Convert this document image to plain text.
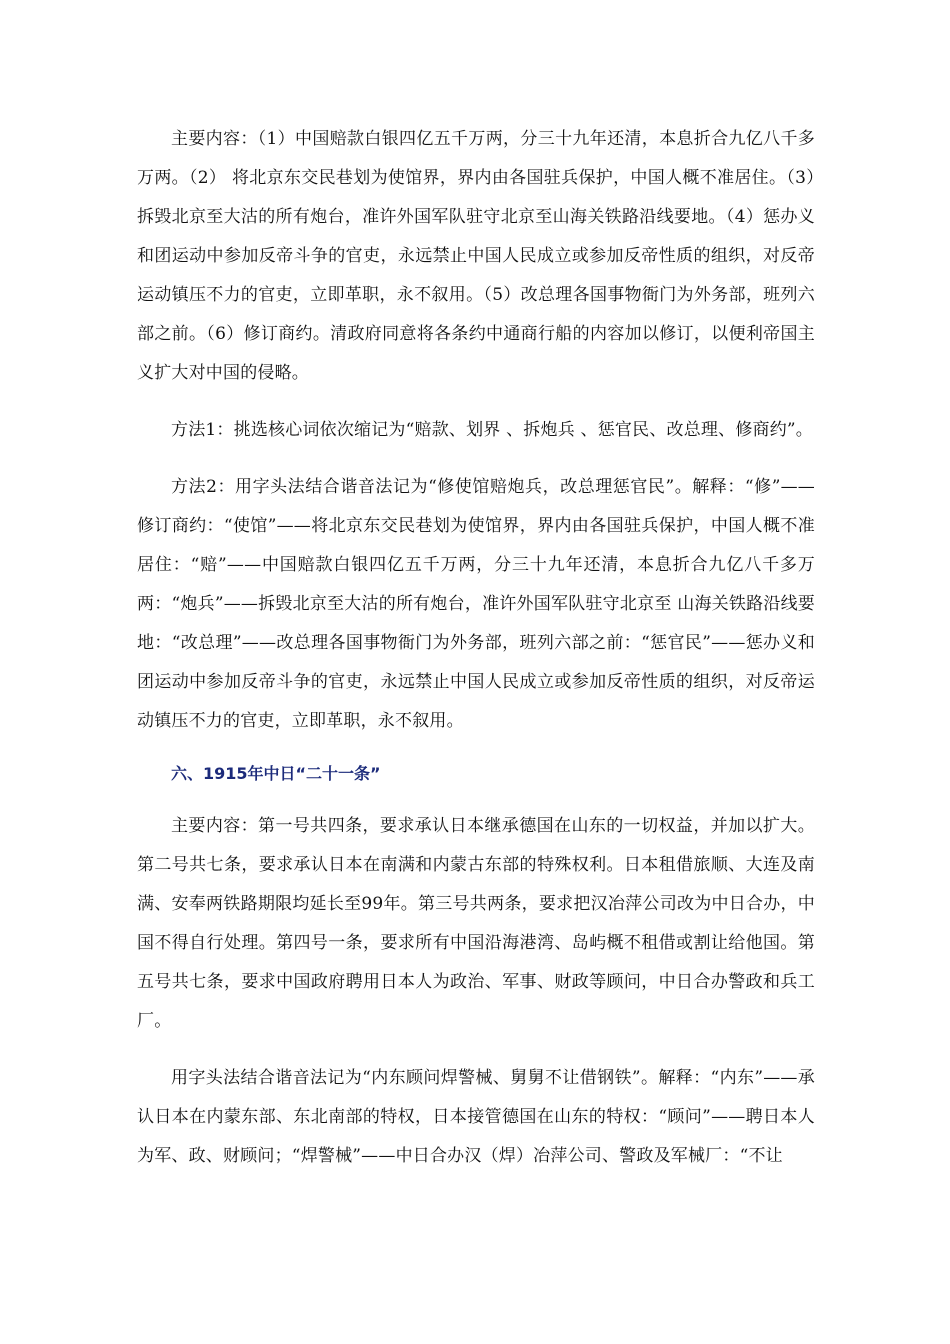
主要内容：（1）中国赔款白银四亿五千万两，分三十九年还清，本息折合九亿八千多万两。（2） 将北京东交民巷划为使馆界，界内由各国驻兵保护，中国人概不准居住。（3）拆毁北京至大沽的所有炮台，准许外国军队驻守北京至山海关铁路沿线要地。（4）惩办义和团运动中参加反帝斗争的官吏，永远禁止中国人民成立或参加反帝性质的组织，对反帝运动镇压不力的官吏，立即革职，永不叙用。（5）改总理各国事物衙门为外务部，班列六部之前。（6）修订商约。清政府同意将各条约中通商行船的内容加以修订，以便利帝国主义扩大对中国的侵略。

方法1：挑选核心词依次缩记为“赔款、划界 、拆炮兵 、惩官民、改总理、修商约”。

方法2：用字头法结合谐音法记为“修使馆赔炮兵，改总理惩官民”。解释：“修”——修订商约：“使馆”——将北京东交民巷划为使馆界，界内由各国驻兵保护，中国人概不准居住：“赔”——中国赔款白银四亿五千万两，分三十九年还清，本息折合九亿八千多万两：“炮兵”——拆毁北京至大沽的所有炮台，准许外国军队驻守北京至 山海关铁路沿线要地：“改总理”——改总理各国事物衙门为外务部，班列六部之前：“惩官民”——惩办义和团运动中参加反帝斗争的官吏，永远禁止中国人民成立或参加反帝性质的组织，对反帝运动镇压不力的官吏，立即革职，永不叙用。

六、1915年中日“二十一条”

主要内容：第一号共四条，要求承认日本继承德国在山东的一切权益，并加以扩大。第二号共七条，要求承认日本在南满和内蒙古东部的特殊权利。日本租借旅顺、大连及南满、安奉两铁路期限均延长至99年。第三号共两条，要求把汉冶萍公司改为中日合办，中国不得自行处理。第四号一条，要求所有中国沿海港湾、岛屿概不租借或割让给他国。第五号共七条，要求中国政府聘用日本人为政治、军事、财政等顾问，中日合办警政和兵工厂。

用字头法结合谐音法记为“内东顾问焊警械、舅舅不让借钢铁”。解释：“内东”——承认日本在内蒙东部、东北南部的特权，日本接管德国在山东的特权：“顾问”——聘日本人为军、政、财顾问；“焊警械”——中日合办汉（焊）冶萍公司、警政及军械厂：“不让
